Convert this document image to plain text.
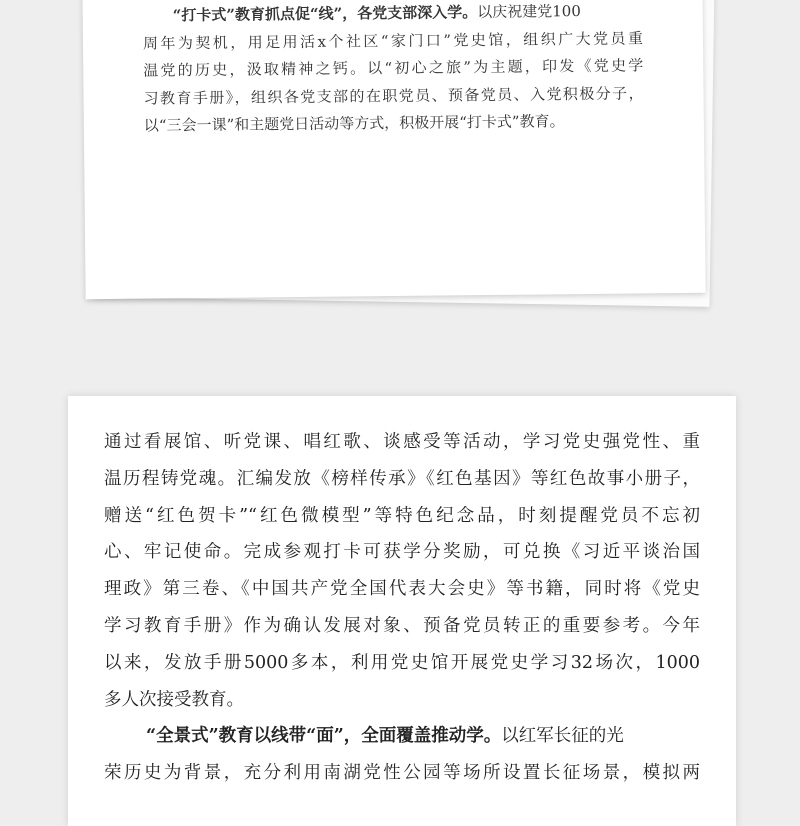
“打卡式”教育抓点促“线”，各党支部深入学。以庆祝建党100
周年为契机，用足用活x个社区“家门口”党史馆，组织广大党员重
温党的历史，汲取精神之钙。以“初心之旅”为主题，印发《党史学
习教育手册》，组织各党支部的在职党员、预备党员、入党积极分子，
以“三会一课”和主题党日活动等方式，积极开展“打卡式”教育。
通过看展馆、听党课、唱红歌、谈感受等活动，学习党史强党性、重
温历程铸党魂。汇编发放《榜样传承》《红色基因》等红色故事小册子，
赠送“红色贺卡”“红色微模型”等特色纪念品，时刻提醒党员不忘初
心、牢记使命。完成参观打卡可获学分奖励，可兑换《习近平谈治国
理政》第三卷、《中国共产党全国代表大会史》等书籍，同时将《党史
学习教育手册》作为确认发展对象、预备党员转正的重要参考。今年
以来，发放手册5000多本，利用党史馆开展党史学习32场次，1000
多人次接受教育。
“全景式”教育以线带“面”，全面覆盖推动学。以红军长征的光
荣历史为背景，充分利用南湖党性公园等场所设置长征场景，模拟两
